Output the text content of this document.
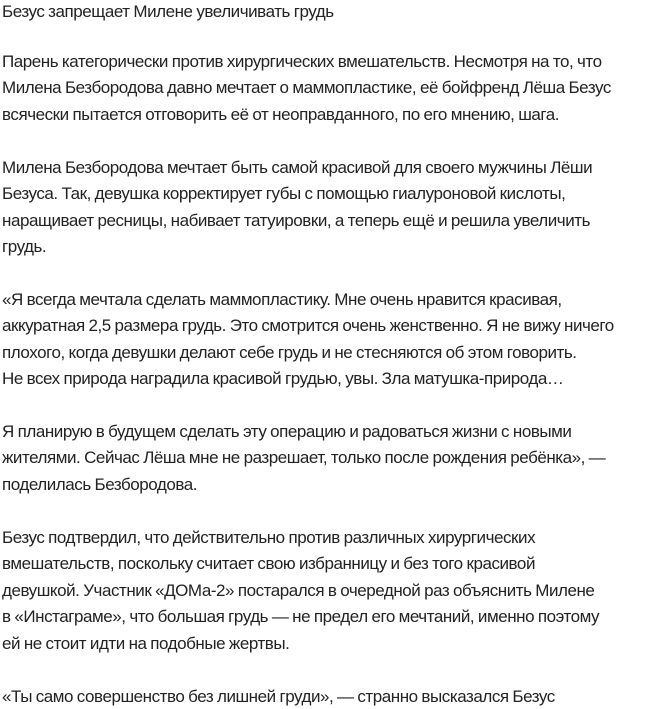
Безус запрещает Милене увеличивать грудь
Парень категорически против хирургических вмешательств. Несмотря на то, что
Милена Безбородова давно мечтает о маммопластике, её бойфренд Лёша Безус
всячески пытается отговорить её от неоправданного, по его мнению, шага.
Милена Безбородова мечтает быть самой красивой для своего мужчины Лёши
Безуса. Так, девушка корректирует губы с помощью гиалуроновой кислоты,
наращивает ресницы, набивает татуировки, а теперь ещё и решила увеличить
грудь.
«Я всегда мечтала сделать маммопластику. Мне очень нравится красивая,
аккуратная 2,5 размера грудь. Это смотрится очень женственно. Я не вижу ничего
плохого, когда девушки делают себе грудь и не стесняются об этом говорить.
Не всех природа наградила красивой грудью, увы. Зла матушка-природа…
Я планирую в будущем сделать эту операцию и радоваться жизни с новыми
жителями. Сейчас Лёша мне не разрешает, только после рождения ребёнка», —
поделилась Безбородова.
Безус подтвердил, что действительно против различных хирургических
вмешательств, поскольку считает свою избранницу и без того красивой
девушкой. Участник «ДОМа-2» постарался в очередной раз объяснить Милене
в «Инстаграме», что большая грудь — не предел его мечтаний, именно поэтому
ей не стоит идти на подобные жертвы.
«Ты само совершенство без лишней груди», — странно высказался Безус
